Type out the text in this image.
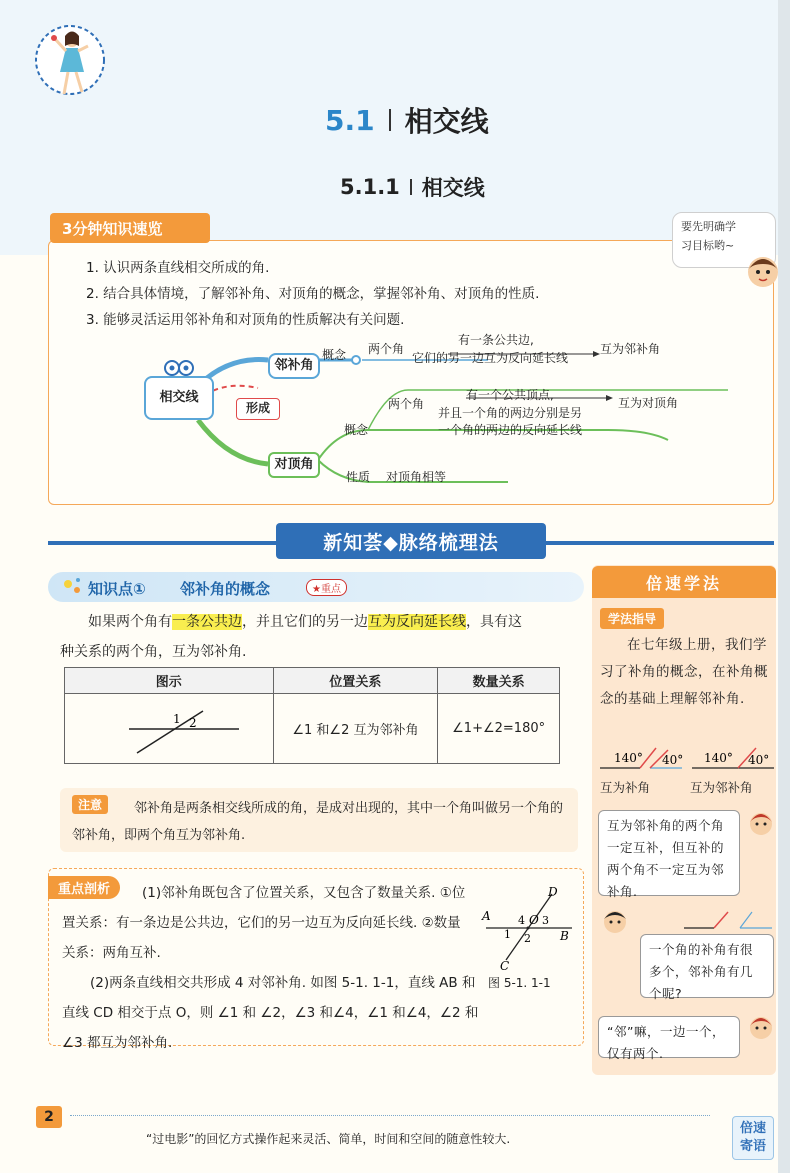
5.1 相交线
5.1.1 相交线
3分钟知识速览	要先明确学
习目标哟~
1. 认识两条直线相交所成的角.
2. 结合具体情境，了解邻补角、对顶角的概念，掌握邻补角、对顶角的性质.
3. 能够灵活运用邻补角和对顶角的性质解决有关问题.
相交线
邻补角
形成
对顶角
概念 两个角
有一条公共边,
它们的另一边互为反向延长线
互为邻补角
两个角
有一个公共顶点,
并且一个角的两边分别是另
一个角的两边的反向延长线
互为对顶角
概念
性质 对顶角相等
新知荟◆脉络梳理法
知识点① 邻补角的概念	★重点
如果两个角有一条公共边，并且它们的另一边互为反向延长线，具有这
种关系的两个角，互为邻补角.
图示	位置关系	数量关系

1 2	∠1 和∠2 互为邻补角	∠1+∠2=180°
邻补角是两条相交线所成的角，是成对出现的，其中一个角叫做另一个角的邻补角，即两个角互为邻补角.
注意
(1)邻补角既包含了位置关系，又包含了数量关系. ①位置关系：有一条边是公共边，它们的另一边互为反向延长线. ②数量关系：两角互补.
重点剖析
(2)两条直线相交共形成 4 对邻补角. 如图 5-1. 1-1，直线 AB 和直线 CD 相交于点 O，则 ∠1 和 ∠2，∠3 和∠4，∠1 和∠4，∠2 和∠3 都互为邻补角.
A
B
C
D
O
1 2
3
4
图 5-1. 1-1
倍速学法
学法指导
在七年级上册，我们学习了补角的概念，在补角概念的基础上理解邻补角.
140° 40°
互为补角
140° 40°
互为邻补角
互为邻补角的两个角一定互补，但互补的两个角不一定互为邻补角.
一个角的补角有很多个，邻补角有几个呢?
“邻”嘛，一边一个，仅有两个.
2
“过电影”的回忆方式操作起来灵活、简单，时间和空间的随意性较大.
倍速
寄语
